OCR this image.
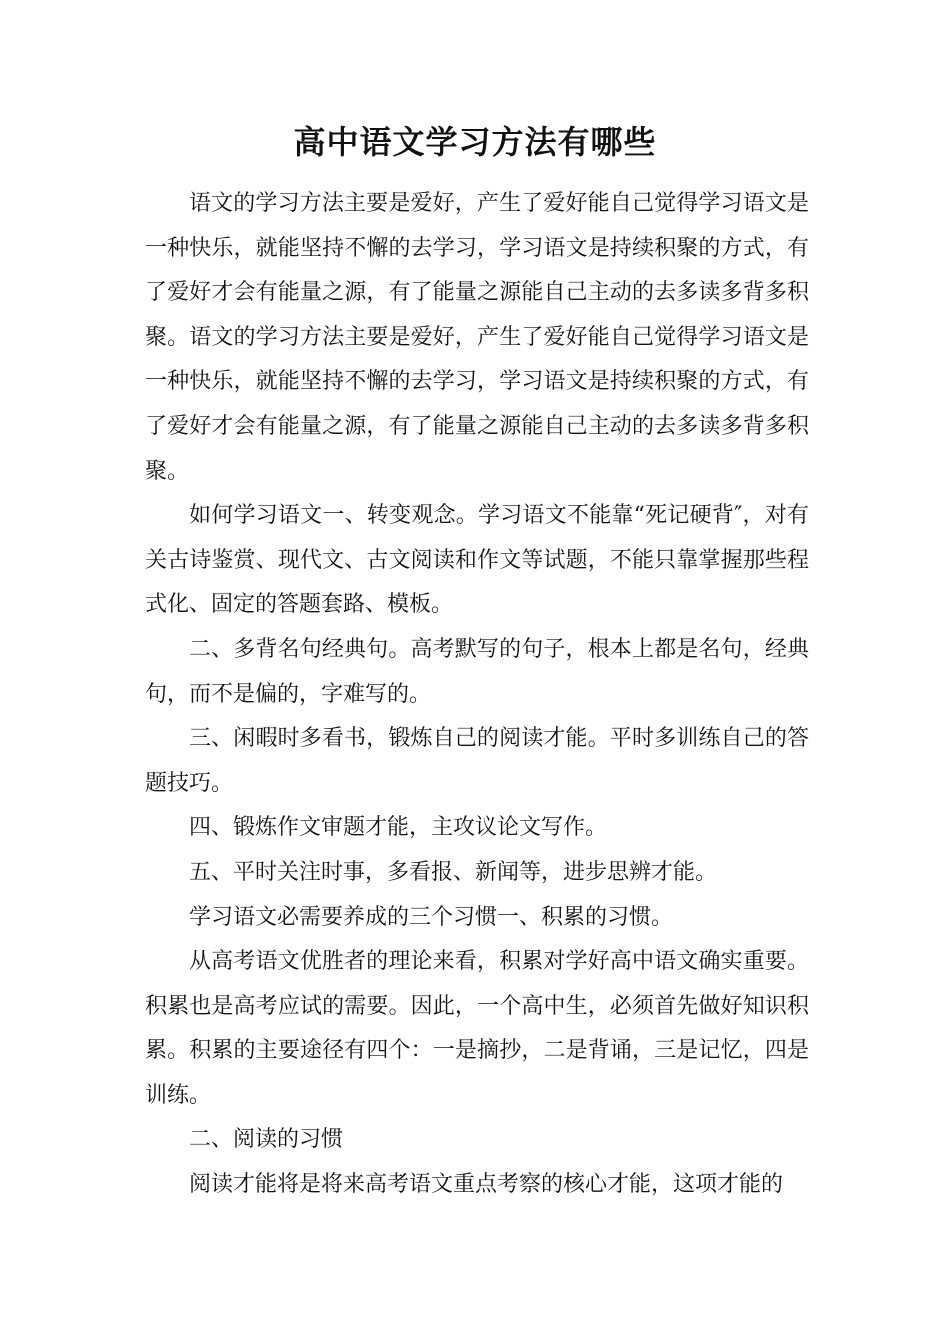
高中语文学习方法有哪些

语文的学习方法主要是爱好，产生了爱好能自己觉得学习语文是一种快乐，就能坚持不懈的去学习，学习语文是持续积聚的方式，有了爱好才会有能量之源，有了能量之源能自己主动的去多读多背多积聚。语文的学习方法主要是爱好，产生了爱好能自己觉得学习语文是一种快乐，就能坚持不懈的去学习，学习语文是持续积聚的方式，有了爱好才会有能量之源，有了能量之源能自己主动的去多读多背多积聚。

如何学习语文一、转变观念。学习语文不能靠“死记硬背″，对有关古诗鉴赏、现代文、古文阅读和作文等试题，不能只靠掌握那些程式化、固定的答题套路、模板。

二、多背名句经典句。高考默写的句子，根本上都是名句，经典句，而不是偏的，字难写的。

三、闲暇时多看书，锻炼自己的阅读才能。平时多训练自己的答题技巧。

四、锻炼作文审题才能，主攻议论文写作。

五、平时关注时事，多看报、新闻等，进步思辨才能。

学习语文必需要养成的三个习惯一、积累的习惯。

从高考语文优胜者的理论来看，积累对学好高中语文确实重要。积累也是高考应试的需要。因此，一个高中生，必须首先做好知识积累。积累的主要途径有四个：一是摘抄，二是背诵，三是记忆，四是训练。

二、阅读的习惯

阅读才能将是将来高考语文重点考察的核心才能，这项才能的
